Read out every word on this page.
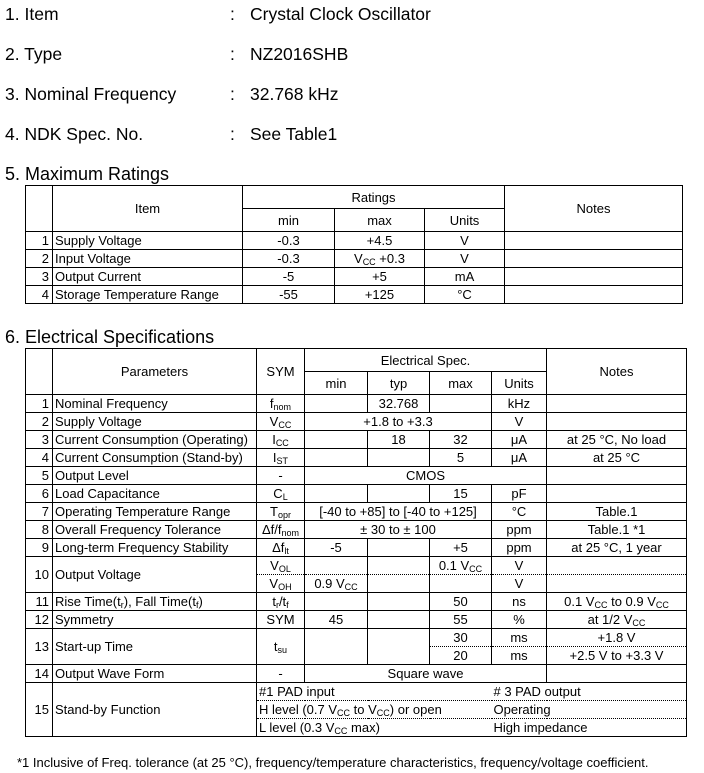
1. Item	: Crystal Clock Oscillator
2. Type	: NZ2016SHB
3. Nominal Frequency	: 32.768 kHz
4. NDK Spec. No.	: See Table1
5. Maximum Ratings
	Item	Ratings			Notes
		min	max	Units	
1	Supply Voltage	-0.3	+4.5	V	
2	Input Voltage	-0.3	$V_{CC} +0.3$	V	
3	Output Current	-5	+5	mA	
4	Storage Temperature Range	-55	+125	°C	
6. Electrical Specifications
	Parameters	SYM	Electrical Spec.				Notes
			min	typ	max	Units	
1	Nominal Frequency	$f_{nom}$		32.768		kHz	
2	Supply Voltage	$V_{CC}$	+1.8 to +3.3			V	
3	Current Consumption (Operating)	$I_{CC}$		18	32	μA	at 25 °C, No load
4	Current Consumption (Stand-by)	$I_{ST}$			5	μA	at 25 °C
5	Output Level	-	CMOS				
6	Load Capacitance	$C_L$			15	pF	
7	Operating Temperature Range	$T_{opr}$	[-40 to +85] to [-40 to +125]			°C	Table.1
8	Overall Frequency Tolerance	$\Delta f/f_{nom}$	± 30 to ± 100			ppm	Table.1 *1
9	Long-term Frequency Stability	$\Delta f_{lt}$	-5		+5	ppm	at 25 °C, 1 year
10	Output Voltage	$V_{OL}$			0.1 $V_{CC}$	V	
		$V_{OH}$	0.9 $V_{CC}$			V	
11	Rise $Time(t_r)$, Fall $Time(t_f)$	$t_r/t_f$			50	ns	0.1 $V_{CC}$ to 0.9 $V_{CC}$
12	Symmetry	SYM	45		55	%	at 1/2 $V_{CC}$
13	Start-up Time	$t_{su}$			30	ms	+1.8 V
					20	ms	+2.5 V to +3.3 V
14	Output Wave Form	-	Square wave				
15	Stand-by Function	#1 PAD input				# 3 PAD output	
		H level (0.7 $V_{CC}$ to $V_{CC}$) or open				Operating	
		L level (0.3 $V_{CC}$ max)				High impedance	
*1 Inclusive of Freq. tolerance (at 25 °C), frequency/temperature characteristics, frequency/voltage coefficient.
